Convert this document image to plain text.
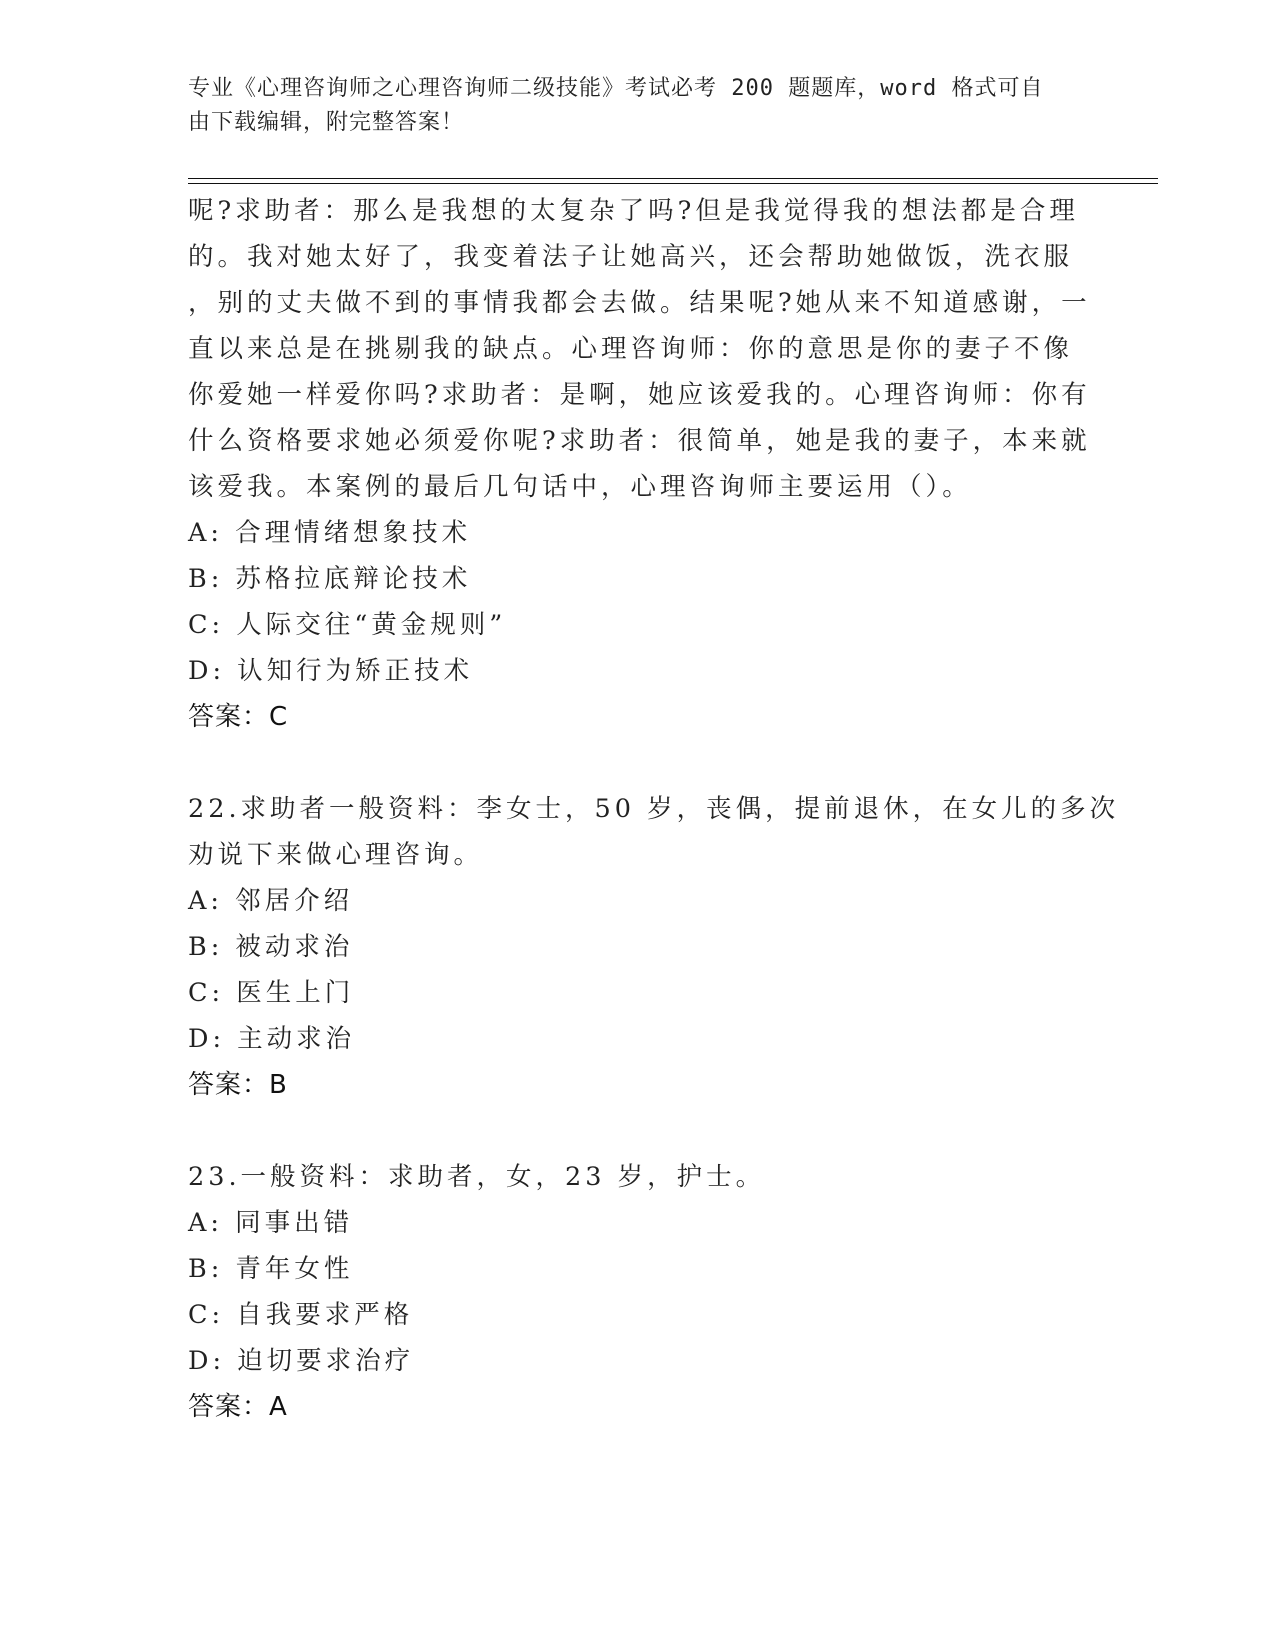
专业《心理咨询师之心理咨询师二级技能》考试必考 200 题题库，word 格式可自
由下载编辑，附完整答案！
呢?求助者：那么是我想的太复杂了吗?但是我觉得我的想法都是合理
的。我对她太好了，我变着法子让她高兴，还会帮助她做饭，洗衣服
，别的丈夫做不到的事情我都会去做。结果呢?她从来不知道感谢，一
直以来总是在挑剔我的缺点。心理咨询师：你的意思是你的妻子不像
你爱她一样爱你吗?求助者：是啊，她应该爱我的。心理咨询师：你有
什么资格要求她必须爱你呢?求助者：很简单，她是我的妻子，本来就
该爱我。本案例的最后几句话中，心理咨询师主要运用（）。
A: 合理情绪想象技术
B: 苏格拉底辩论技术
C: 人际交往“黄金规则”
D: 认知行为矫正技术
答案：C
22.求助者一般资料：李女士，50 岁，丧偶，提前退休，在女儿的多次
劝说下来做心理咨询。
A: 邻居介绍
B: 被动求治
C: 医生上门
D: 主动求治
答案：B
23.一般资料：求助者，女，23 岁，护士。
A: 同事出错
B: 青年女性
C: 自我要求严格
D: 迫切要求治疗
答案：A
